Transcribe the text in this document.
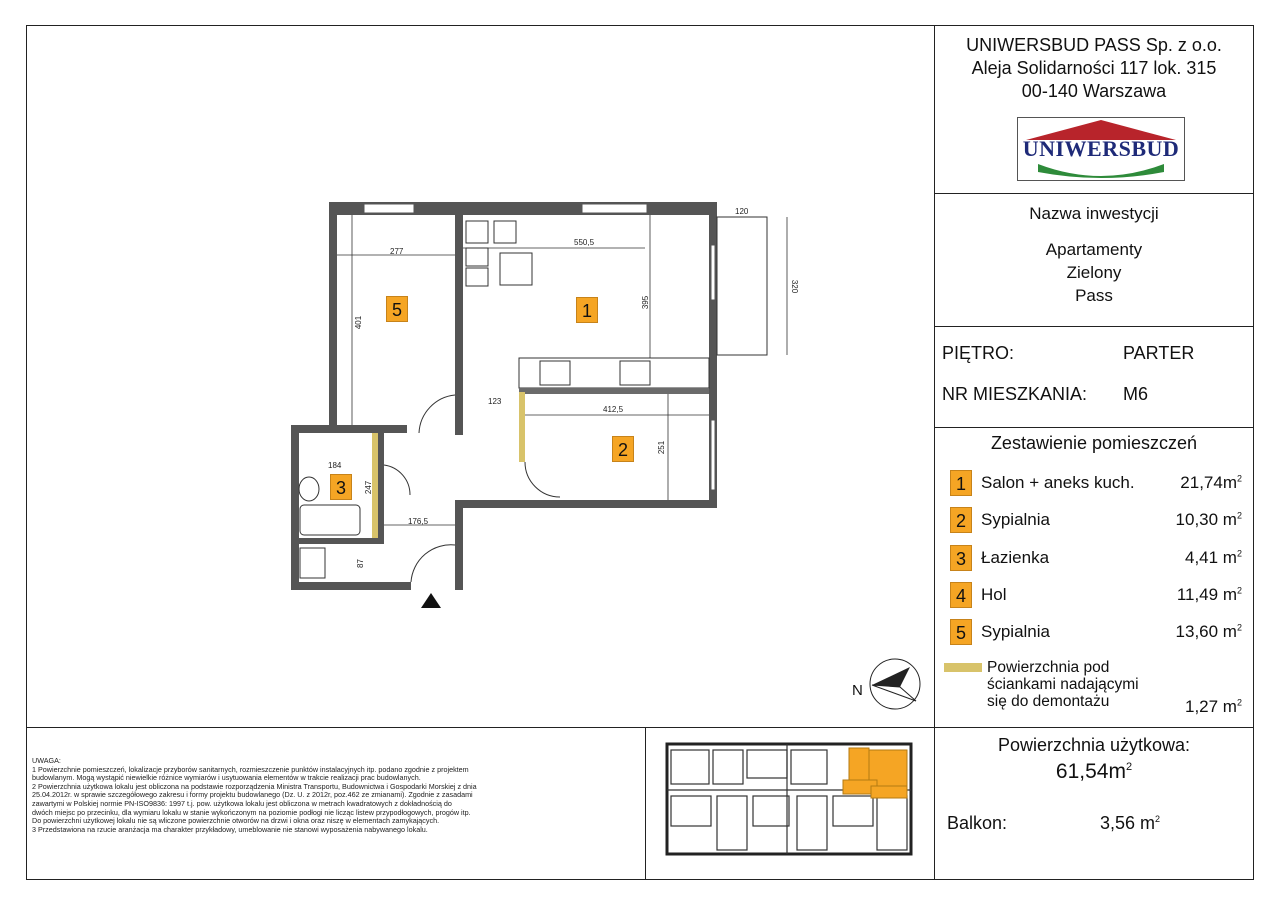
UNIWERSBUD PASS Sp. z o.o.
Aleja Solidarności 117 lok. 315
00-140 Warszawa
UNIWERSBUD
Nazwa inwestycji
Apartamenty
Zielony
Pass
PIĘTRO:	PARTER
NR MIESZKANIA: M6
Zestawienie pomieszczeń
1 Salon + aneks kuch.	$21,74m^2$
2 Sypialnia	10,30 $m^2$
3 Łazienka	4,41 $m^2$
4 Hol	11,49 $m^2$
5 Sypialnia	13,60 $m^2$
Powierzchnia pod
ściankami nadającymi
się do demontażu	1,27 $m^2$
Powierzchnia użytkowa:
$61,54m^2$
Balkon:	3,56 $m^2$
UWAGA:
1 Powierzchnie pomieszczeń, lokalizacje przyborów sanitarnych, rozmieszczenie punktów instalacyjnych itp. podano zgodnie z projektem
budowlanym. Mogą wystąpić niewielkie różnice wymiarów i usytuowania elementów w trakcie realizacji prac budowlanych.
2 Powierzchnia użytkowa lokalu jest obliczona na podstawie rozporządzenia Ministra Transportu, Budownictwa i Gospodarki Morskiej z dnia
25.04.2012r. w sprawie szczegółowego zakresu i formy projektu budowlanego (Dz. U. z 2012r, poz.462 ze zmianami). Zgodnie z zasadami
zawartymi w Polskiej normie PN-ISO9836: 1997 t.j. pow. użytkowa lokalu jest obliczona w metrach kwadratowych z dokładnością do
dwóch miejsc po przecinku, dla wymiaru lokalu w stanie wykończonym na poziomie podłogi nie licząc listew przypodłogowych, progów itp.
Do powierzchni użytkowej lokalu nie są wliczone powierzchnie otworów na drzwi i okna oraz niszę w elementach zamykających.
3 Przedstawiona na rzucie aranżacja ma charakter przykładowy, umeblowanie nie stanowi wyposażenia nabywanego lokalu.
277
550,5
120
320
401
395
123
412,5
251
184
247
176,5
87
5	1
2
3
N
